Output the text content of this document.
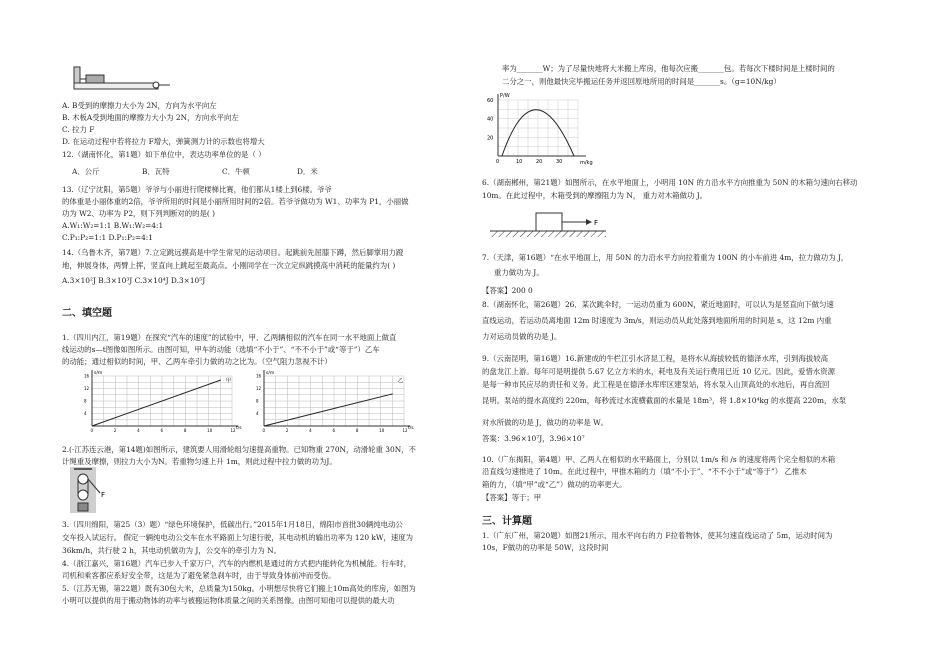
A. B受到的摩擦力大小为 2N，方向为水平向左
B. 木板A受到地面的摩擦力大小为 2N，方向水平向左
C. 拉力 F
D. 在运动过程中若将拉力 F增大，弹簧测力计的示数也将增大
12.（湖南怀化，第1题）如下单位中，表达功率单位的是（ ）
A．公斤	B．瓦特	C．牛顿	D．米
13.（辽宁沈阳，第5题）爷爷与小丽进行爬楼梯比赛，他们都从1楼上到6楼。爷爷
的体重是小丽体重的2倍，爷爷所用的时间是小丽所用时间的2倍。若爷爷做功为 W1、功率为 P1，小丽做
功为 W2、功率为 P2，则下列判断对的的是( )
A.W₁:W₂=1:1 B.W₁:W₂=4:1
C.P₁:P₂=1:1 D.P₁:P₂=4:1
14.（乌鲁木齐，第7题）7.立定跳远摸高是中学生常见的运动项目。起跳前先屈膝下蹲，然后脚掌用力蹬
地，伸展身体，两臂上挥，竖直向上跳起至最高点。小刚同学在一次立定纵跳摸高中消耗的能量约为( )
A.3×10²J B.3×10³J C.3×10⁴J D.3×10⁵J
二、填空题
1.（四川内江，第19题）在探究“汽车的速度”的试验中，甲、乙两辆相似的汽车在同一水平地面上做直
线运动的s—t图像如图所示。由图可知，甲车的动能（选填“不小于”、“不不小于”或“等于”）乙车
的动能；通过相似的时间，甲、乙两车牵引力做的功之比为。（空气阻力忽视不计）
s/m
t/s
甲
0	2	4	6	8	10	12
4
8
12
16	s/m
t/s
乙
0	2	4	6	8	10	12
4
8
12
16
2.(·江苏连云港，第14题)如图所示，建筑要人用滑轮组匀速提高重物。已知物重 270N，动滑轮重 30N，不
计绳重及摩擦，则拉力大小为N。若重物匀速上升 1m，则此过程中拉力做的功为J。
F
3.（四川绵阳，第25（3）题）“绿色环境保护，低碳出行。”2015年1月18日，绵阳市首批30辆纯电动公
交车投入试运行。 假定一辆纯电动公交车在水平路面上匀速行驶，其电动机的输出功率为 120 kW，速度为
36km/h，共行驶 2 h，其电动机做功为 J，公交车的牵引力为 N。
4.（浙江嘉兴，第16题）汽车已步入千家万户，汽车的内燃机是通过的方式把内能转化为机械能。行车时，
司机和乘客都应系好安全带，这是为了避免紧急刹车时，由于导致身体前冲而受伤。
5.（江苏无锡，第22题）既有30包大米，总质量为150kg。小明想尽快将它们搬上10m高处的库房，如图为
小明可以提供的用于搬动物体的功率与被搬运物体质量之间的关系图像。由图可知他可以提供的最大功
率为_______W；为了尽量快地将大米搬上库房，他每次应搬_______包。若每次下楼时间是上楼时间的
二分之一，则他最快完毕搬运任务并返回原地所用的时间是_______s。（g=10N/kg）
P/W
m/kg
0	10	20	30
20
40
60
6.（湖南郴州，第21题）如图所示，在水平地面上，小明用 10N 的力沿水平方向推重为 50N 的木箱匀速向右移动
10m。在此过程中，木箱受到的摩擦阻力为 N， 重力对木箱做功 J。
F
7.（天津，第16题）“在水平地面上，用 50N 的力沿水平方向拉着重为 100N 的小车前进 4m，拉力做功为 J，
重力做功为 J。
【答案】200 0
8.（湖南怀化，第26题）26．某次跳伞时，一运动员重为 600N，紧近地面时，可以认为是竖直向下做匀速
直线运动，若运动员离地面 12m 时速度为 3m/s，则运动员从此处落到地面所用的时间是 s，这 12m 内重
力对运动员做的功是 J。
9.（云南昆明，第16题）16.新建成的牛栏江引水济昆工程，是将水从海拔较低的德泽水库，引到海拔较高
的盘龙江上游。每年可是明提供 5.67 亿立方米的水，耗电及有关运行费用已近 10 亿元。因此，爱惜水资源
是每一种市民应尽的责任和义务。此工程是在德泽水库库区建泵站，将水泵入山顶高处的水池后，再自流回
昆明。泵站的提水高度约 220m，每秒流过水流横截面的水量是 18m³，将 1.8×10⁴kg 的水提高 220m，水泵
对水所做的功是 J，做功的功率是 W。
答案：3.96×10⁷J，3.96×10⁷
10.（广东揭阳，第4题）甲、乙两人在相似的水平路面上，分别以 1m/s 和 /s 的速度将两个完全相似的木箱
沿直线匀速推进了 10m。在此过程中，甲推木箱的力（填“不小于”、“不不小于”或“等于”） 乙推木
箱的力，（填“甲”或“乙”）做功的功率更大。
【答案】等于；甲
三、计算题
1.（广东广州，第20题）如图21所示，用水平向右的力 F拉着物体，使其匀速直线运动了 5m，运动时间为
10s，F做功的功率是 50W，这段时间
